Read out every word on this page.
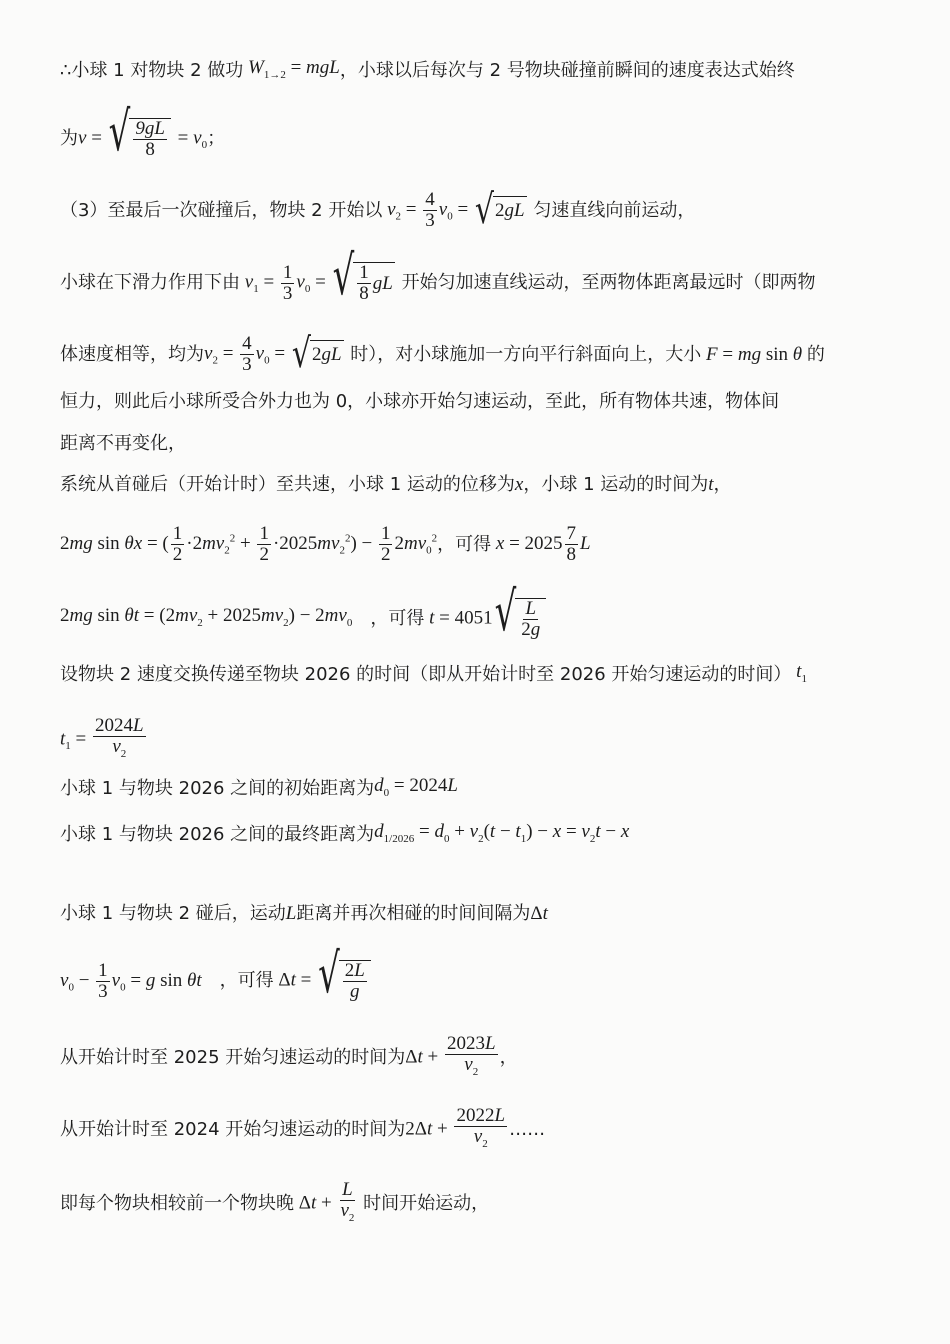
∴小球 1 对物块 2 做功 $W_{1\to 2}$ = mgL ，小球以后每次与 2 号物块碰撞前瞬间的速度表达式始终
为 v = √ $\frac{9gL}{8} = v_0$ ；
（3）至最后一次碰撞后，物块 2 开始以 $v_2 = \frac{4}{3} v_0$ = √ 2 gL
匀速直线向前运动，
小球在下滑力作用下由 $v_1 = \frac{1}{3} v_0$ = √ $\frac{1}{8}$ gL
开始匀加速直线运动，至两物体距离最远时（即两物
体速度相等，均为 $v_2 = \frac{4}{3} v_0$ = √ 2 gL
时），对小球施加一方向平行斜面向上，大小 F = mg sin θ 的
恒力，则此后小球所受合外力也为 0，小球亦开始匀速运动，至此，所有物体共速，物体间
距离不再变化，
系统从首碰后（开始计时）至共速，小球 1 运动的位移为 x ，小球 1 运动的时间为 t ，
2mg sin θx = ( $\frac{1}{2} \cdot 2mv_2^2 + \frac{1}{2} \cdot 2025mv_2^2) - \frac{1}{2} 2mv_0^2$ ，可得 $x = 2025 \frac{7}{8}$ L
2mg $\sin \theta t = (2mv_2 + 2025mv_2) - 2mv_0$ ，可得 t = 4051 √ $\frac{L}{2g}$
设物块 2 速度交换传递至物块 2026 的时间（即从开始计时至 2026 开始匀速运动的时间） $t_1$
$t_1 = \frac{2024L}{v_2}$
小球 1 与物块 2026 之间的初始距离为 $d_0 = 2024L$
小球 1 与物块 2026 之间的最终距离为 $d_{1/2026} = d_0 + v_2(t - t_1) - x = v_2t - x$
小球 1 与物块 2 碰后，运动 L 距离并再次相碰的时间间隔为 Δt
$v_0 - \frac{1}{3} v_0 = g$ sin θt ，可得 Δt = √ $\frac{2L}{g}$
从开始计时至 2025 开始匀速运动的时间为 $\Delta t + \frac{2023L}{v_2}$ ，
从开始计时至 2024 开始匀速运动的时间为 $2\Delta t + \frac{2022L}{v_2}$ ……
即每个物块相较前一个物块晚 $\Delta t + \frac{L}{v_2}$
时间开始运动，
